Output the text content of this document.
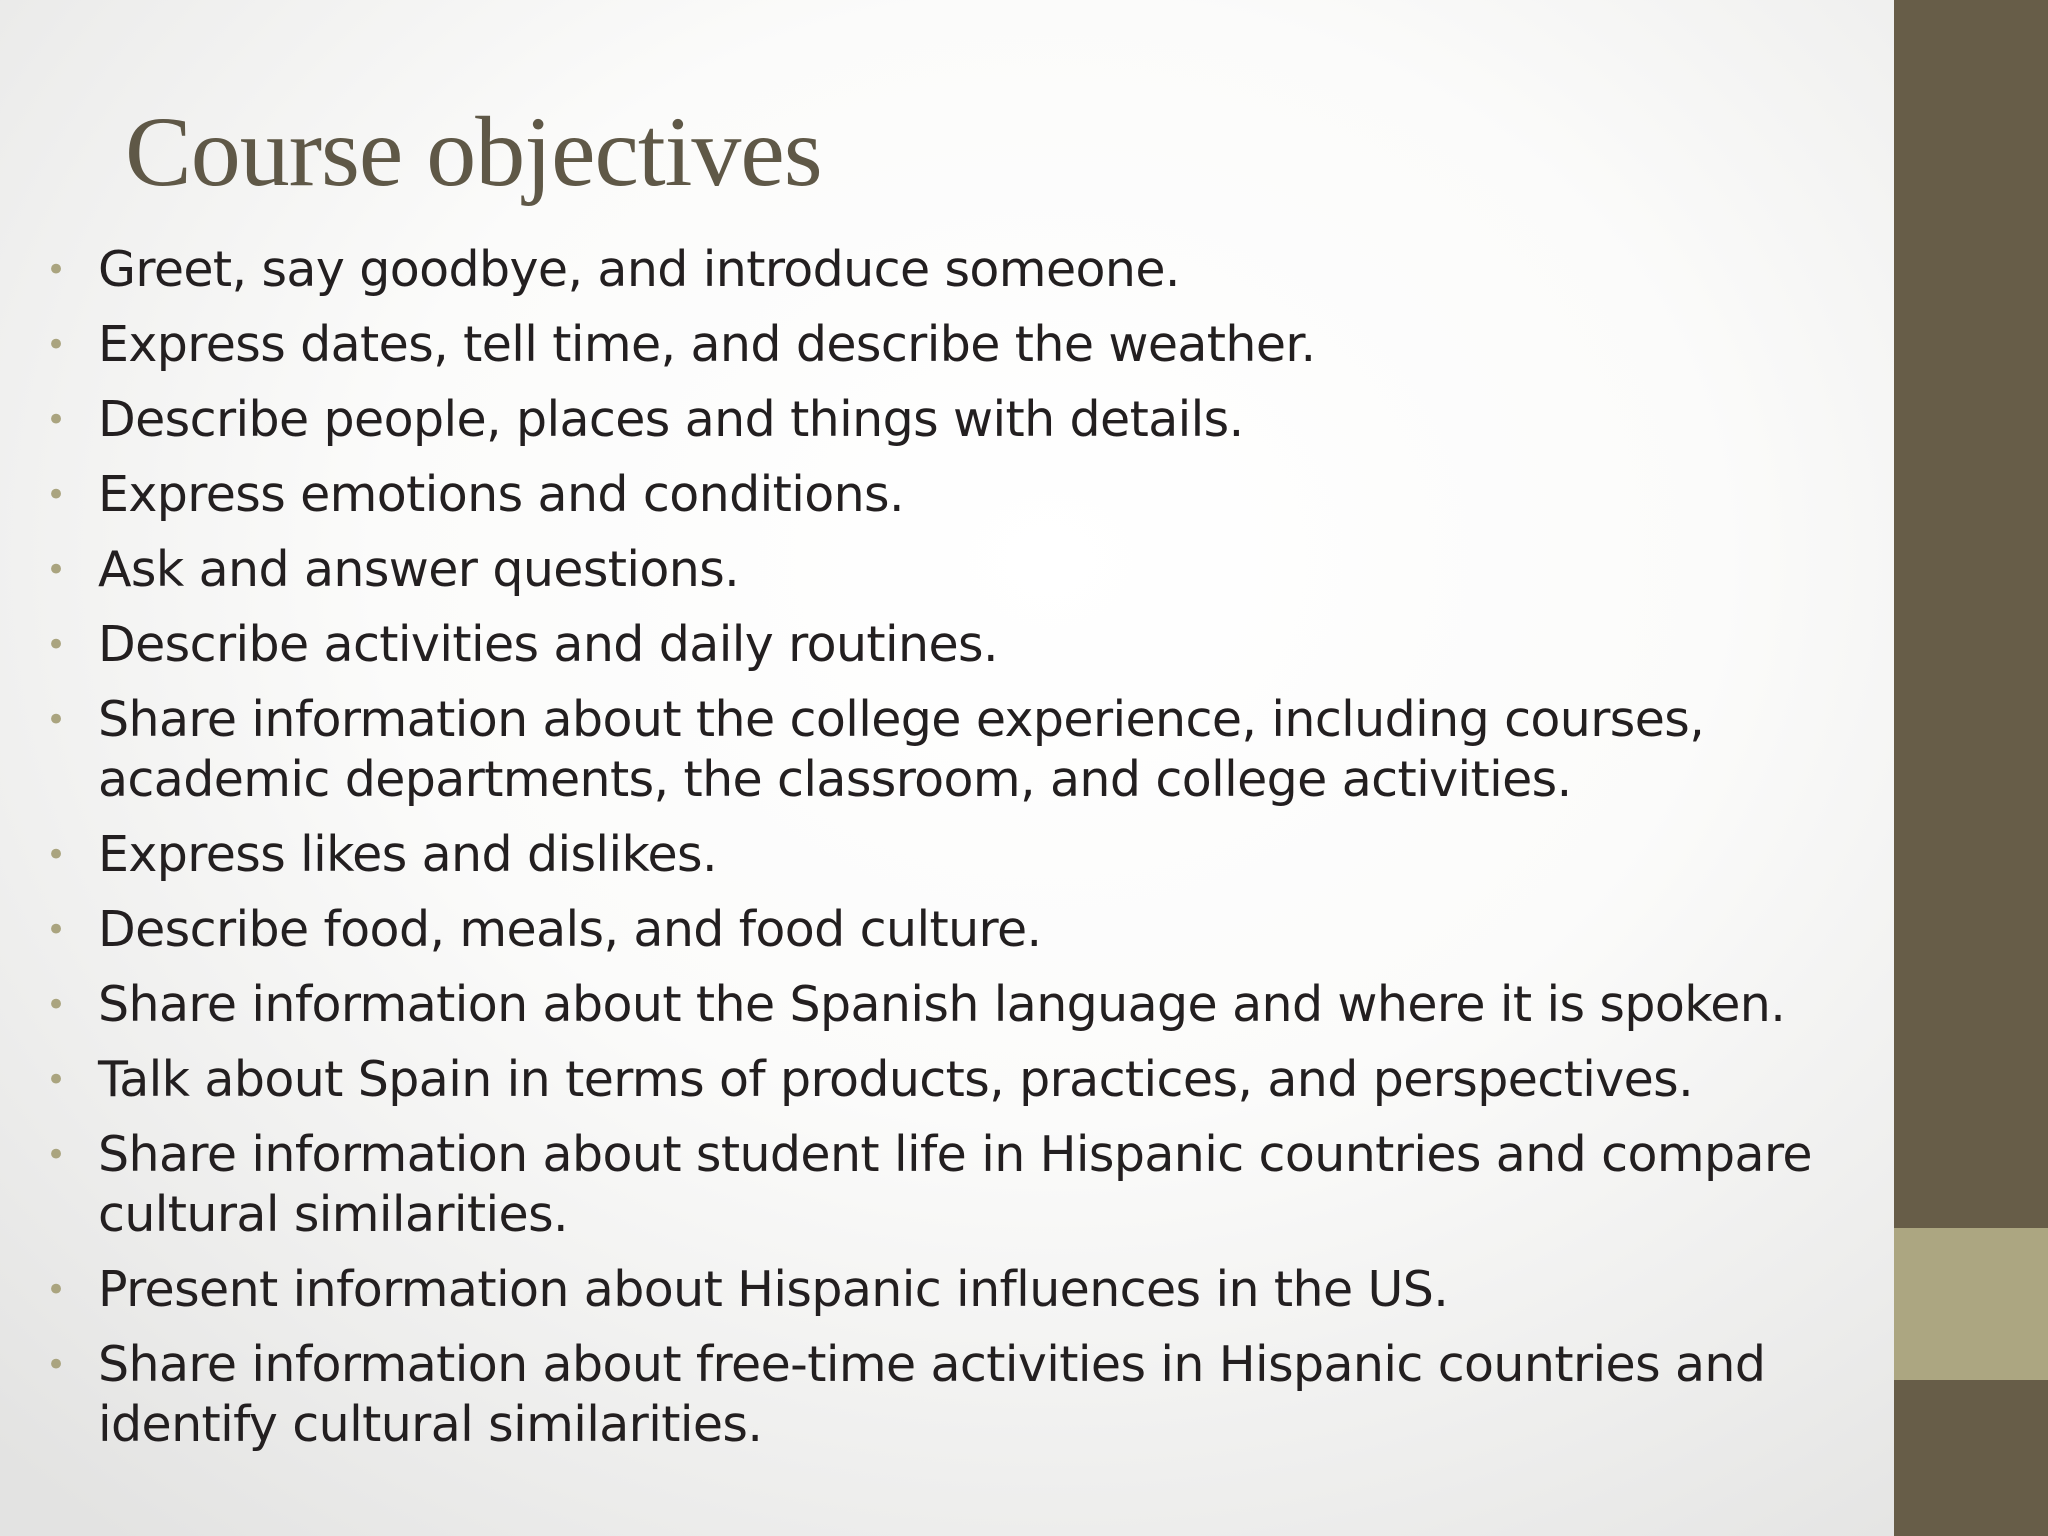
Course objectives
• Greet, say goodbye, and introduce someone.
• Express dates, tell time, and describe the weather.
• Describe people, places and things with details.
• Express emotions and conditions.
• Ask and answer questions.
• Describe activities and daily routines.
• Share information about the college experience, including courses, academic departments, the classroom, and college activities.
• Express likes and dislikes.
• Describe food, meals, and food culture.
• Share information about the Spanish language and where it is spoken.
• Talk about Spain in terms of products, practices, and perspectives.
• Share information about student life in Hispanic countries and compare cultural similarities.
• Present information about Hispanic influences in the US.
• Share information about free-time activities in Hispanic countries and identify cultural similarities.
